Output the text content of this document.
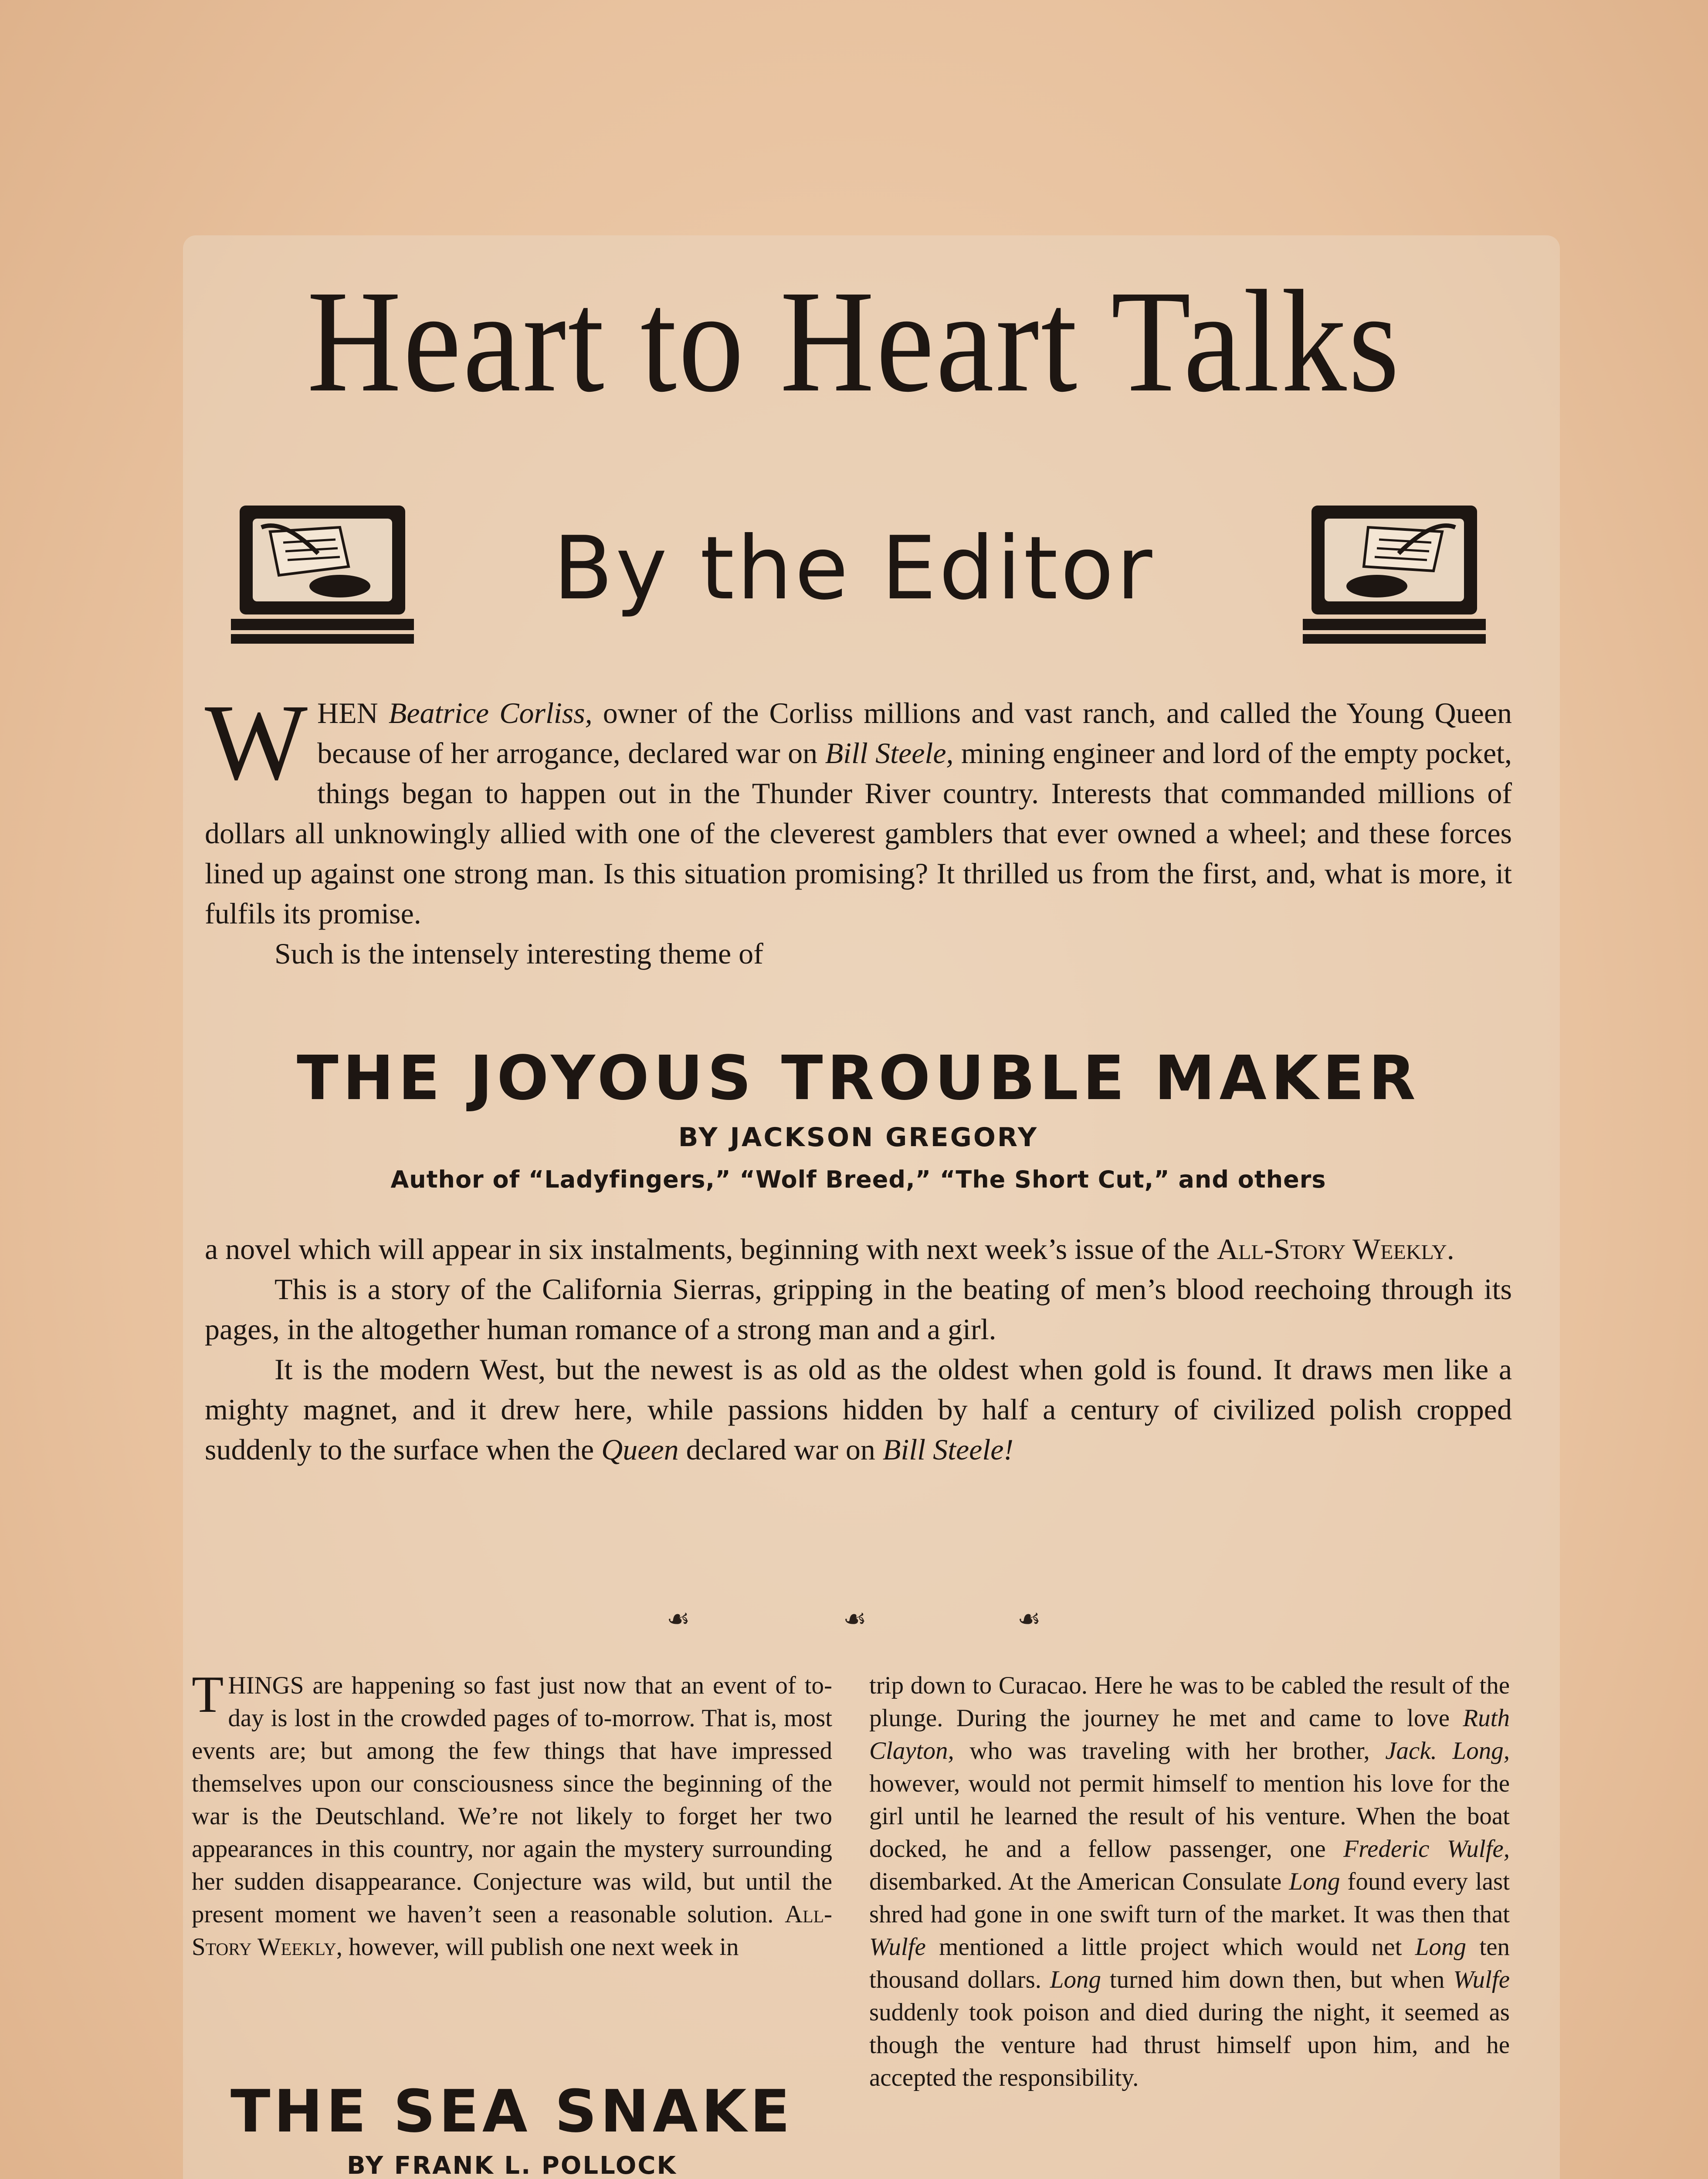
Heart to Heart Talks
By the Editor

W HEN Beatrice Corliss, owner of the Corliss millions and vast ranch, and called the Young Queen because of her arrogance, declared war on Bill Steele, mining engineer and lord of the empty pocket, things began to happen out in the Thunder River country. Interests that commanded millions of dollars all unknowingly allied with one of the cleverest gamblers that ever owned a wheel; and these forces lined up against one strong man. Is this situation promising? It thrilled us from the first, and, what is more, it fulfils its promise.

Such is the intensely interesting theme of

THE JOYOUS TROUBLE MAKER
BY JACKSON GREGORY
Author of “Ladyfingers,” “Wolf Breed,” “The Short Cut,” and others

a novel which will appear in six instalments, beginning with next week’s issue of the All-Story Weekly.

This is a story of the California Sierras, gripping in the beating of men’s blood reechoing through its pages, in the altogether human romance of a strong man and a girl.

It is the modern West, but the newest is as old as the oldest when gold is found. It draws men like a mighty magnet, and it drew here, while passions hidden by half a century of civilized polish cropped suddenly to the surface when the Queen declared war on Bill Steele!

☙	☙	☙

T HINGS are happening so fast just now that an event of to-day is lost in the crowded pages of to-morrow. That is, most events are; but among the few things that have impressed themselves upon our consciousness since the beginning of the war is the Deutschland. We’re not likely to forget her two appearances in this country, nor again the mystery surrounding her sudden disappearance. Conjecture was wild, but until the present moment we haven’t seen a reasonable solution. All-Story Weekly, however, will publish one next week in

THE SEA SNAKE
BY FRANK L. POLLOCK

trip down to Curacao. Here he was to be cabled the result of the plunge. During the journey he met and came to love Ruth Clayton, who was traveling with her brother, Jack. Long, however, would not permit himself to mention his love for the girl until he learned the result of his venture. When the boat docked, he and a fellow passenger, one Frederic Wulfe, disembarked. At the American Consulate Long found every last shred had gone in one swift turn of the market. It was then that Wulfe mentioned a little project which would net Long ten thousand dollars. Long turned him down then, but when Wulfe suddenly took poison and died during the night, it seemed as though the venture had thrust himself upon him, and he accepted the responsibility.
